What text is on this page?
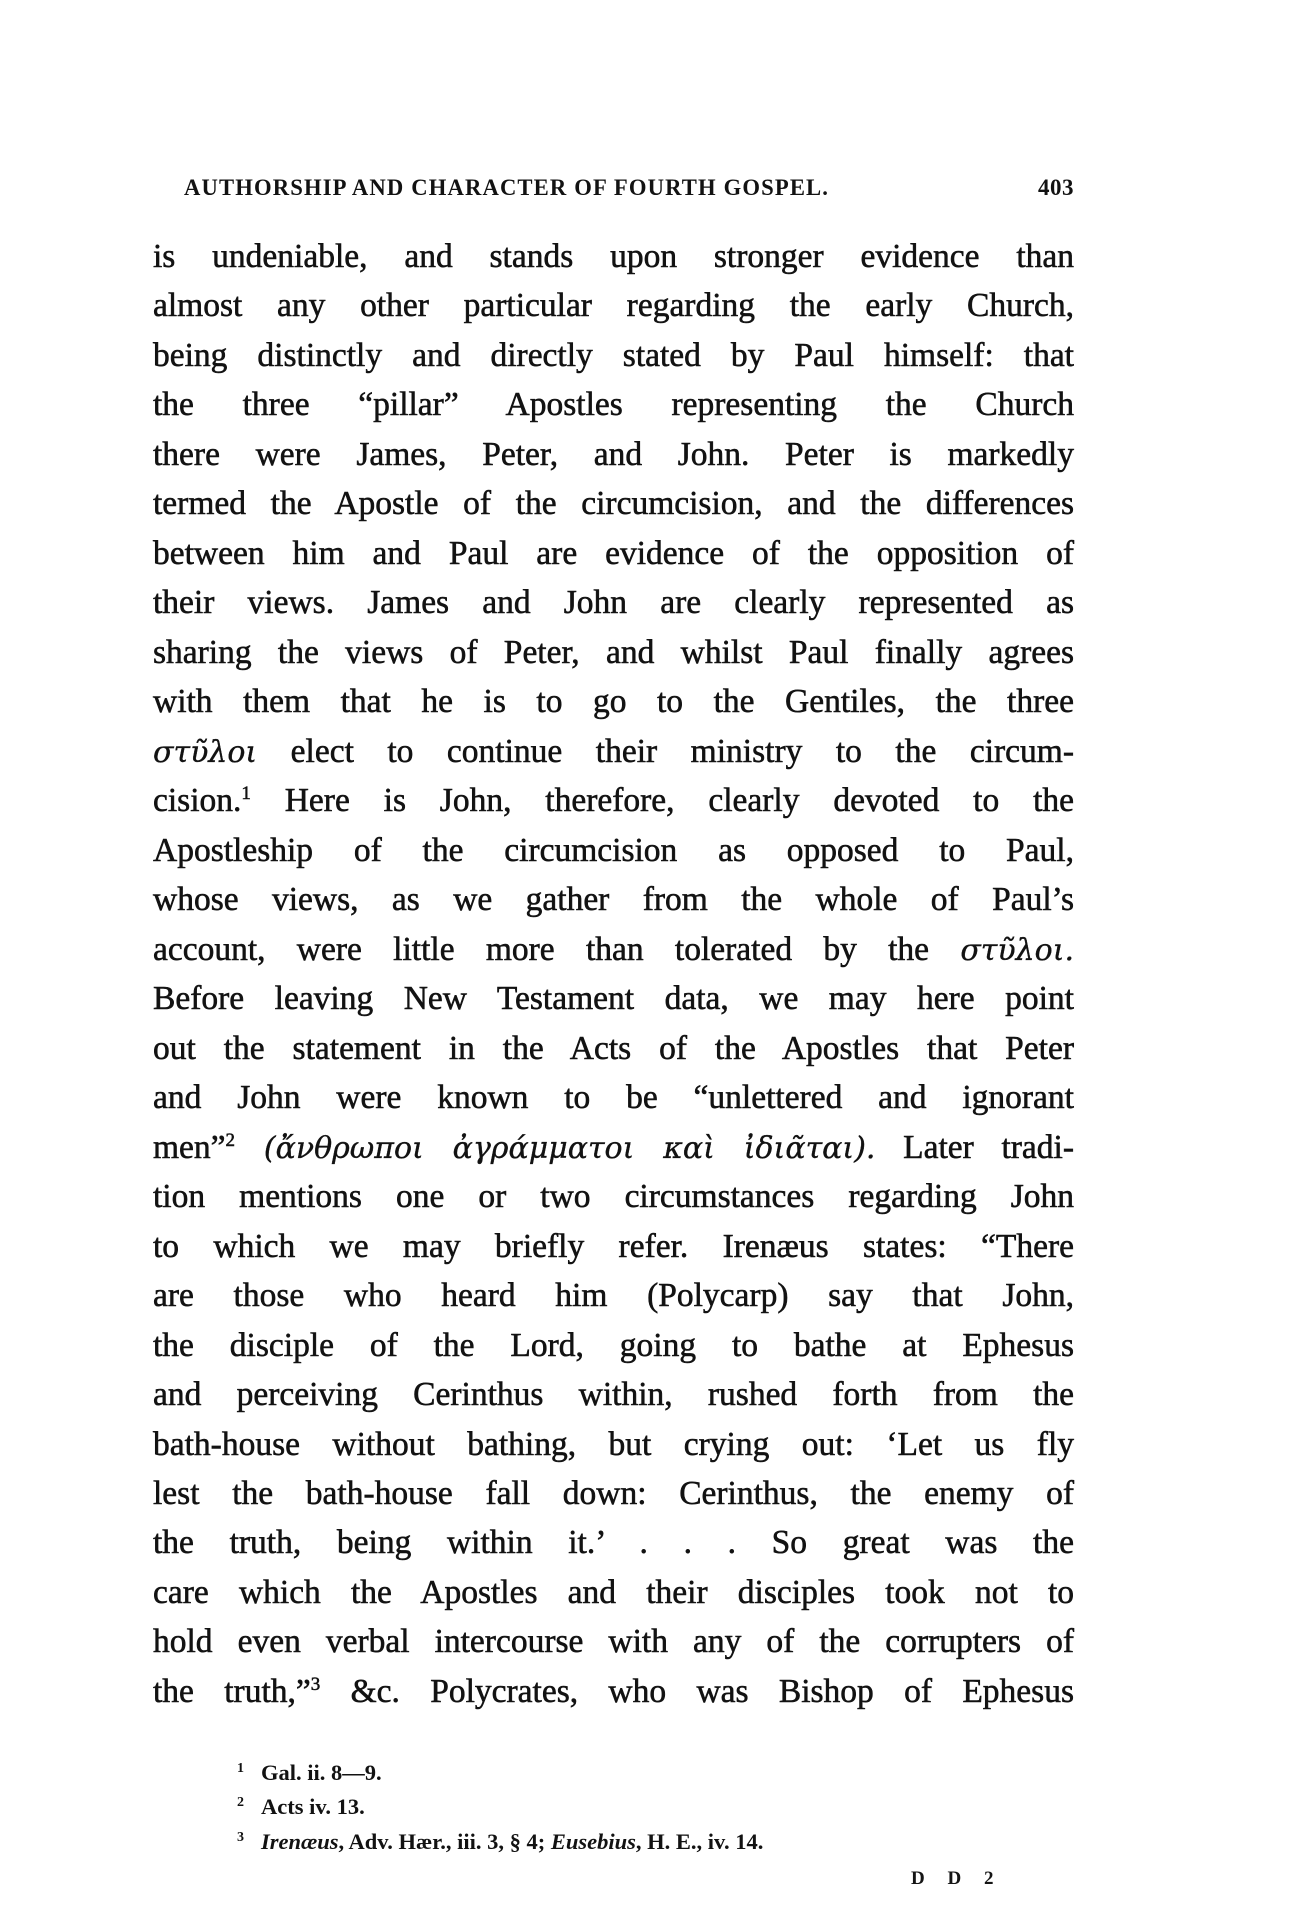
AUTHORSHIP AND CHARACTER OF FOURTH GOSPEL.	403
is undeniable, and stands upon stronger evidence than
almost any other particular regarding the early Church,
being distinctly and directly stated by Paul himself: that
the three “pillar” Apostles representing the Church
there were James, Peter, and John. Peter is markedly
termed the Apostle of the circumcision, and the differences
between him and Paul are evidence of the opposition of
their views. James and John are clearly represented as
sharing the views of Peter, and whilst Paul finally agrees
with them that he is to go to the Gentiles, the three
στῦλοι elect to continue their ministry to the circum-
cision.$^1$ Here is John, therefore, clearly devoted to the
Apostleship of the circumcision as opposed to Paul,
whose views, as we gather from the whole of Paul’s
account, were little more than tolerated by the στῦλοι.
Before leaving New Testament data, we may here point
out the statement in the Acts of the Apostles that Peter
and John were known to be “unlettered and ignorant
men”$^2$ (ἄνθρωποι ἀγράμματοι καὶ ἰδιᾶται). Later tradi-
tion mentions one or two circumstances regarding John
to which we may briefly refer. Irenæus states: “There
are those who heard him (Polycarp) say that John,
the disciple of the Lord, going to bathe at Ephesus
and perceiving Cerinthus within, rushed forth from the
bath-house without bathing, but crying out: ‘Let us fly
lest the bath-house fall down: Cerinthus, the enemy of
the truth, being within it.’ . . . So great was the
care which the Apostles and their disciples took not to
hold even verbal intercourse with any of the corrupters of
the truth,”$^3$ &c. Polycrates, who was Bishop of Ephesus
1 Gal. ii. 8—9.
2 Acts iv. 13.
3 Irenæus, Adv. Hær., iii. 3, § 4; Eusebius, H. E., iv. 14.
D D 2
